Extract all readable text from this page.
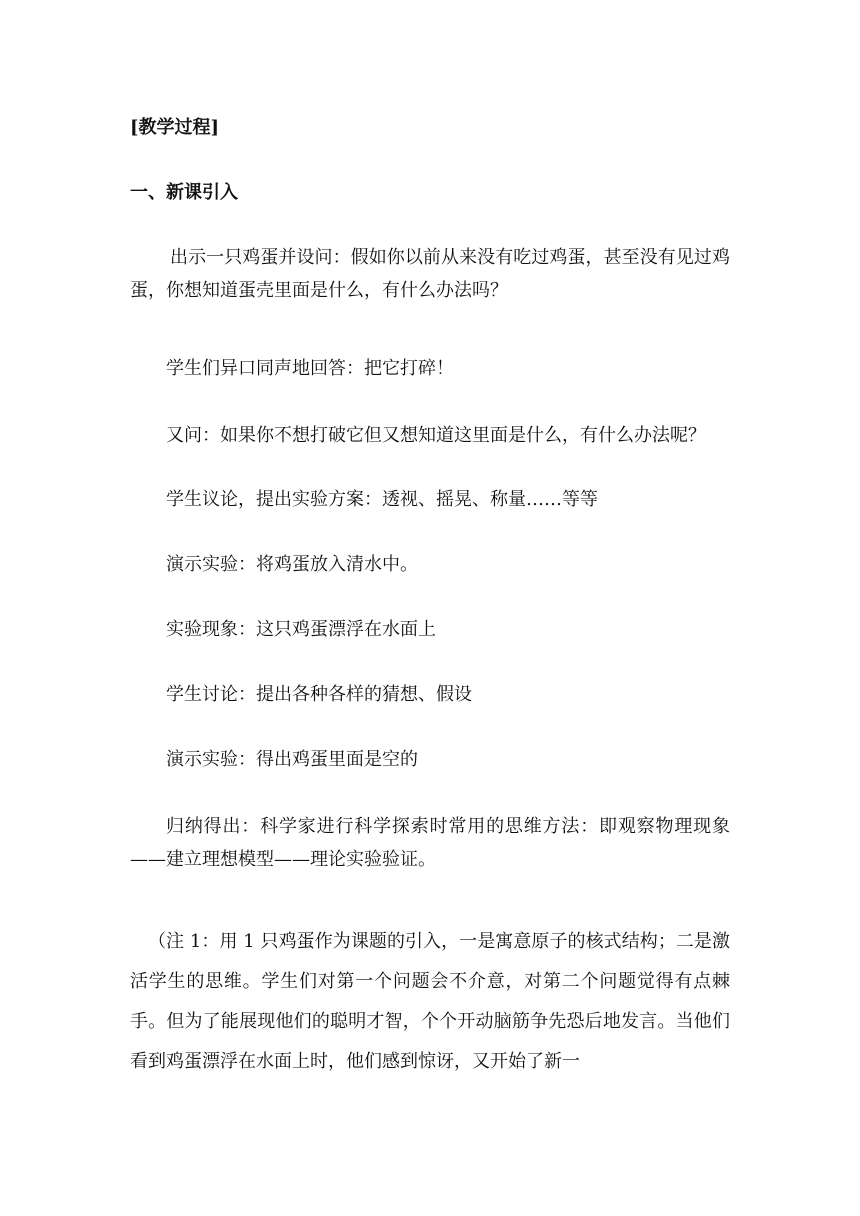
[教学过程]
一、新课引入
出示一只鸡蛋并设问：假如你以前从来没有吃过鸡蛋，甚至没有见过鸡蛋，你想知道蛋壳里面是什么，有什么办法吗？
学生们异口同声地回答：把它打碎！
又问：如果你不想打破它但又想知道这里面是什么，有什么办法呢？
学生议论，提出实验方案：透视、摇晃、称量……等等
演示实验：将鸡蛋放入清水中。
实验现象：这只鸡蛋漂浮在水面上
学生讨论：提出各种各样的猜想、假设
演示实验：得出鸡蛋里面是空的
归纳得出：科学家进行科学探索时常用的思维方法：即观察物理现象——建立理想模型——理论实验验证。
（注 1：用 1 只鸡蛋作为课题的引入，一是寓意原子的核式结构；二是激活学生的思维。学生们对第一个问题会不介意，对第二个问题觉得有点棘手。但为了能展现他们的聪明才智，个个开动脑筋争先恐后地发言。当他们看到鸡蛋漂浮在水面上时，他们感到惊讶，又开始了新一
